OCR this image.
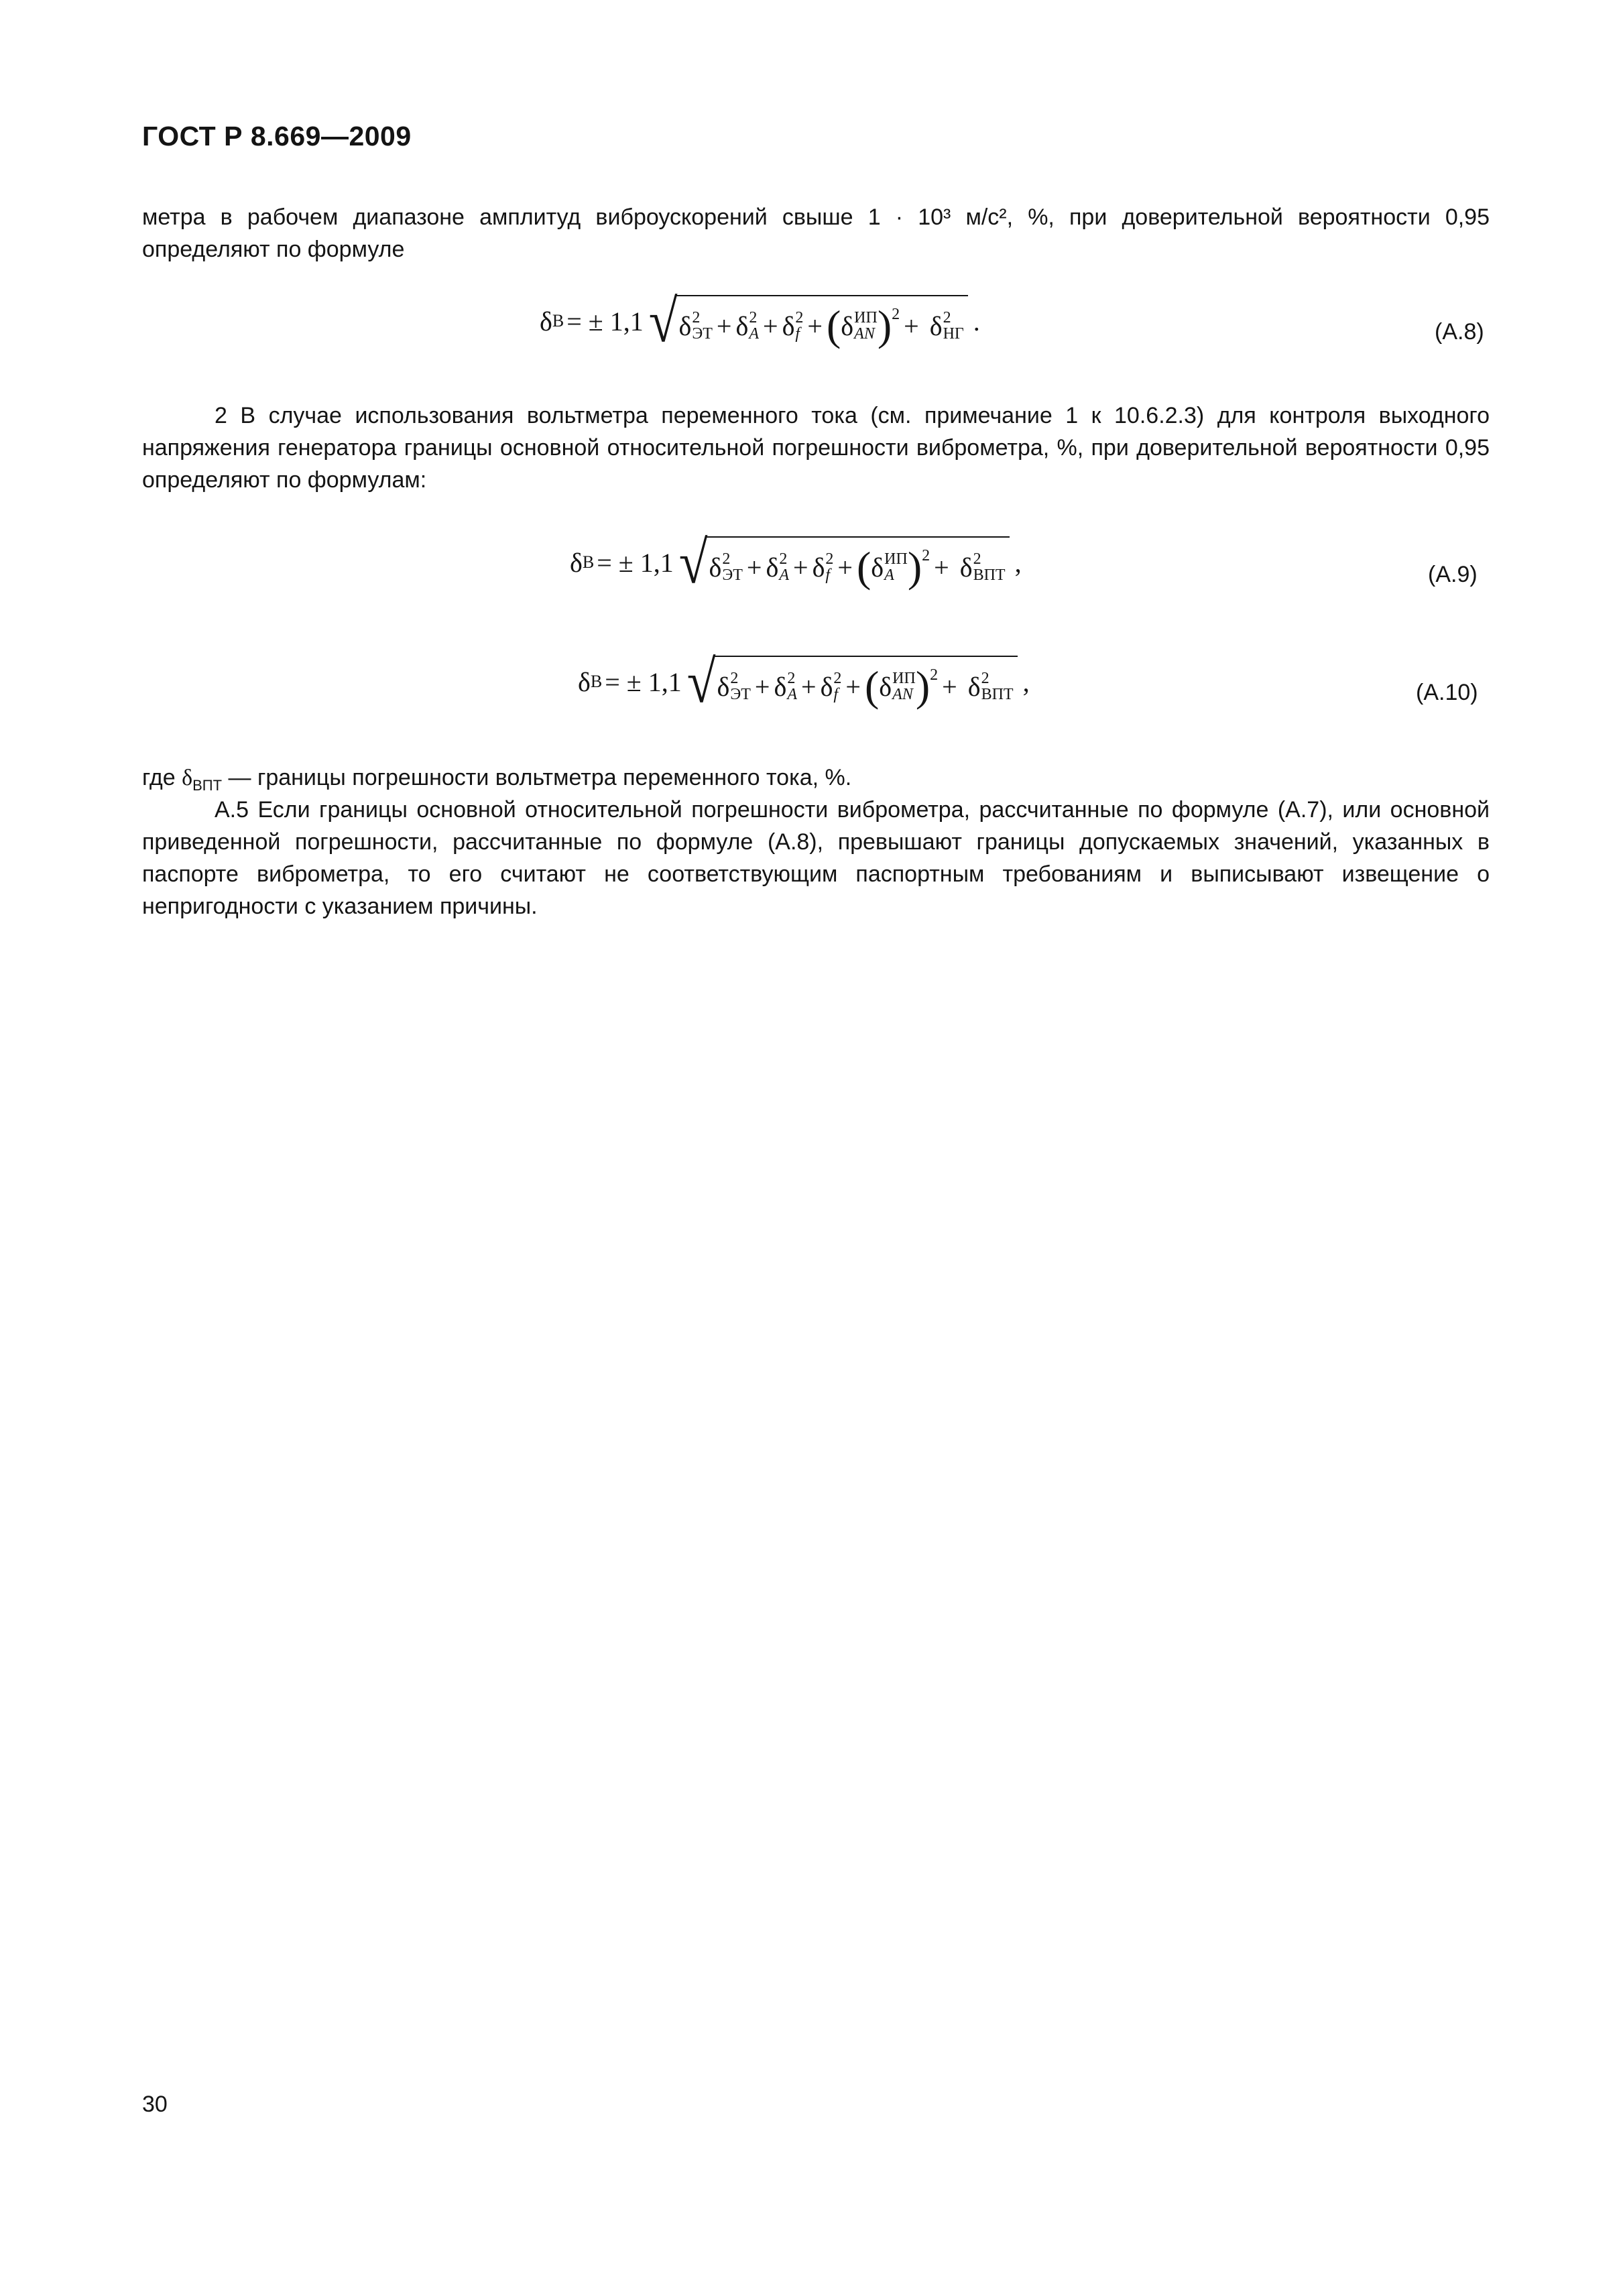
ГОСТ Р 8.669—2009

метра в рабочем диапазоне амплитуд виброускорений свыше 1 · 10³ м/с², %, при доверительной вероятности 0,95 определяют по формуле

δ В = ± 1,1 √ δ 2
ЭТ + δ 2
A + δ 2
f + ( δ ИП
AN ) 2 + δ 2
НГ .	(А.8)

2 В случае использования вольтметра переменного тока (см. примечание 1 к 10.6.2.3) для контроля выходного напряжения генератора границы основной относительной погрешности виброметра, %, при доверительной вероятности 0,95 определяют по формулам:

δ В = ± 1,1 √ δ 2
ЭТ + δ 2
A + δ 2
f + ( δ ИП
A ) 2 + δ 2
ВПТ ,	(А.9)
δ В = ± 1,1 √ δ 2
ЭТ + δ 2
A + δ 2
f + ( δ ИП
AN ) 2 + δ 2
ВПТ ,	(А.10)

где $\delta_{ВПТ}$ — границы погрешности вольтметра переменного тока, %.

А.5 Если границы основной относительной погрешности виброметра, рассчитанные по формуле (А.7), или основной приведенной погрешности, рассчитанные по формуле (А.8), превышают границы допускаемых значений, указанных в паспорте виброметра, то его считают не соответствующим паспортным требованиям и выписывают извещение о непригодности с указанием причины.

30
